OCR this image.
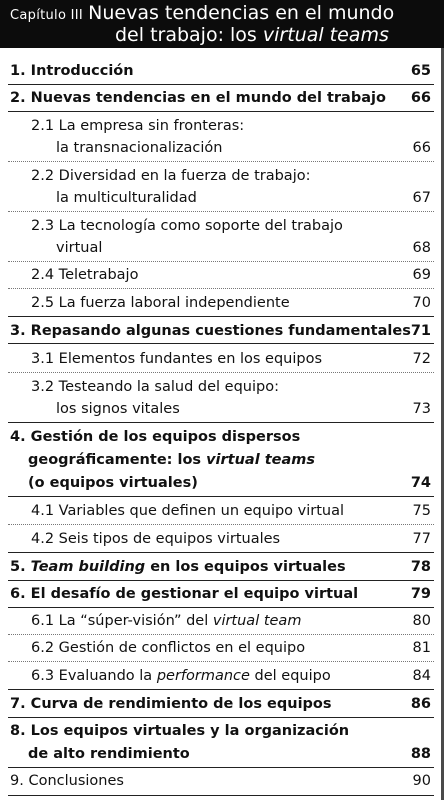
Capítulo III Nuevas tendencias en el mundo
del trabajo: los virtual teams
1. Introducción	65
2. Nuevas tendencias en el mundo del trabajo 66
2.1 La empresa sin fronteras:
la transnacionalización	66
2.2 Diversidad en la fuerza de trabajo:
la multiculturalidad	67
2.3 La tecnología como soporte del trabajo
virtual	68
2.4 Teletrabajo	69
2.5 La fuerza laboral independiente	70
3. Repasando algunas cuestiones fundamentales 71
3.1 Elementos fundantes en los equipos	72
3.2 Testeando la salud del equipo:
los signos vitales	73
4. Gestión de los equipos dispersos
geográficamente: los virtual teams
(o equipos virtuales)	74
4.1 Variables que definen un equipo virtual	75
4.2 Seis tipos de equipos virtuales	77
5. Team building en los equipos virtuales	78
6. El desafío de gestionar el equipo virtual	79
6.1 La “súper-visión” del virtual team	80
6.2 Gestión de conflictos en el equipo	81
6.3 Evaluando la performance del equipo	84
7. Curva de rendimiento de los equipos	86
8. Los equipos virtuales y la organización
de alto rendimiento	88
9. Conclusiones	90
